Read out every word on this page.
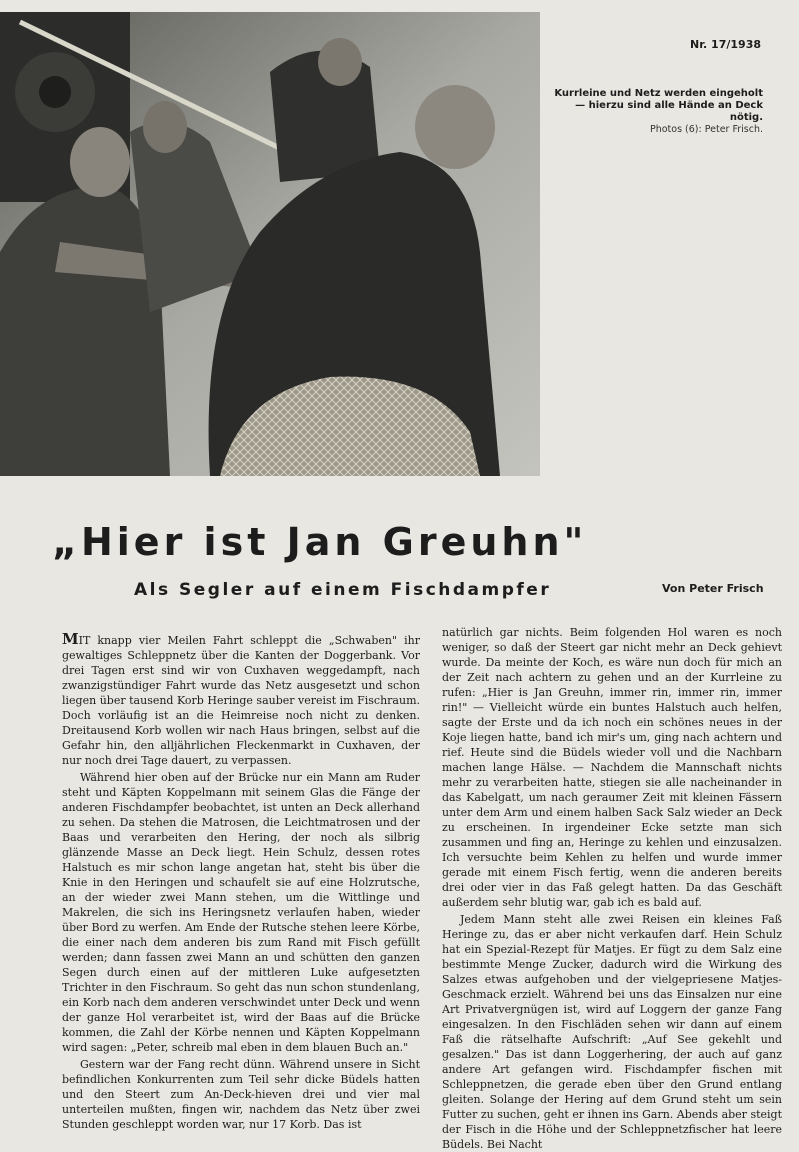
Nr. 17/1938
Kurrleine und Netz werden eingeholt
— hierzu sind alle Hände an Deck nötig.
Photos (6): Peter Frisch.
„Hier ist Jan Greuhn"
Als Segler auf einem Fischdampfer	Von Peter Frisch

MIT knapp vier Meilen Fahrt schleppt die „Schwaben" ihr gewaltiges Schleppnetz über die Kanten der Doggerbank. Vor drei Tagen erst sind wir von Cuxhaven weggedampft, nach zwanzigstündiger Fahrt wurde das Netz ausgesetzt und schon liegen über tausend Korb Heringe sauber vereist im Fischraum. Doch vorläufig ist an die Heimreise noch nicht zu denken. Dreitausend Korb wollen wir nach Haus bringen, selbst auf die Gefahr hin, den alljährlichen Fleckenmarkt in Cuxhaven, der nur noch drei Tage dauert, zu verpassen.

Während hier oben auf der Brücke nur ein Mann am Ruder steht und Käpten Koppelmann mit seinem Glas die Fänge der anderen Fischdampfer beobachtet, ist unten an Deck allerhand zu sehen. Da stehen die Matrosen, die Leichtmatrosen und der Baas und verarbeiten den Hering, der noch als silbrig glänzende Masse an Deck liegt. Hein Schulz, dessen rotes Halstuch es mir schon lange angetan hat, steht bis über die Knie in den Heringen und schaufelt sie auf eine Holzrutsche, an der wieder zwei Mann stehen, um die Wittlinge und Makrelen, die sich ins Heringsnetz verlaufen haben, wieder über Bord zu werfen. Am Ende der Rutsche stehen leere Körbe, die einer nach dem anderen bis zum Rand mit Fisch gefüllt werden; dann fassen zwei Mann an und schütten den ganzen Segen durch einen auf der mittleren Luke aufgesetzten Trichter in den Fischraum. So geht das nun schon stundenlang, ein Korb nach dem anderen verschwindet unter Deck und wenn der ganze Hol verarbeitet ist, wird der Baas auf die Brücke kommen, die Zahl der Körbe nennen und Käpten Koppelmann wird sagen: „Peter, schreib mal eben in dem blauen Buch an."

Gestern war der Fang recht dünn. Während unsere in Sicht befindlichen Konkurrenten zum Teil sehr dicke Büdels hatten und den Steert zum An-Deck-hieven drei und vier mal unterteilen mußten, fingen wir, nachdem das Netz über zwei Stunden geschleppt worden war, nur 17 Korb. Das ist

natürlich gar nichts. Beim folgenden Hol waren es noch weniger, so daß der Steert gar nicht mehr an Deck gehievt wurde. Da meinte der Koch, es wäre nun doch für mich an der Zeit nach achtern zu gehen und an der Kurrleine zu rufen: „Hier is Jan Greuhn, immer rin, immer rin, immer rin!" — Vielleicht würde ein buntes Halstuch auch helfen, sagte der Erste und da ich noch ein schönes neues in der Koje liegen hatte, band ich mir's um, ging nach achtern und rief. Heute sind die Büdels wieder voll und die Nachbarn machen lange Hälse. — Nachdem die Mannschaft nichts mehr zu verarbeiten hatte, stiegen sie alle nacheinander in das Kabelgatt, um nach geraumer Zeit mit kleinen Fässern unter dem Arm und einem halben Sack Salz wieder an Deck zu erscheinen. In irgendeiner Ecke setzte man sich zusammen und fing an, Heringe zu kehlen und einzusalzen. Ich versuchte beim Kehlen zu helfen und wurde immer gerade mit einem Fisch fertig, wenn die anderen bereits drei oder vier in das Faß gelegt hatten. Da das Geschäft außerdem sehr blutig war, gab ich es bald auf.

Jedem Mann steht alle zwei Reisen ein kleines Faß Heringe zu, das er aber nicht verkaufen darf. Hein Schulz hat ein Spezial-Rezept für Matjes. Er fügt zu dem Salz eine bestimmte Menge Zucker, dadurch wird die Wirkung des Salzes etwas aufgehoben und der vielgepriesene Matjes-Geschmack erzielt. Während bei uns das Einsalzen nur eine Art Privatvergnügen ist, wird auf Loggern der ganze Fang eingesalzen. In den Fischläden sehen wir dann auf einem Faß die rätselhafte Aufschrift: „Auf See gekehlt und gesalzen." Das ist dann Loggerhering, der auch auf ganz andere Art gefangen wird. Fischdampfer fischen mit Schleppnetzen, die gerade eben über den Grund entlang gleiten. Solange der Hering auf dem Grund steht um sein Futter zu suchen, geht er ihnen ins Garn. Abends aber steigt der Fisch in die Höhe und der Schleppnetzfischer hat leere Büdels. Bei Nacht
